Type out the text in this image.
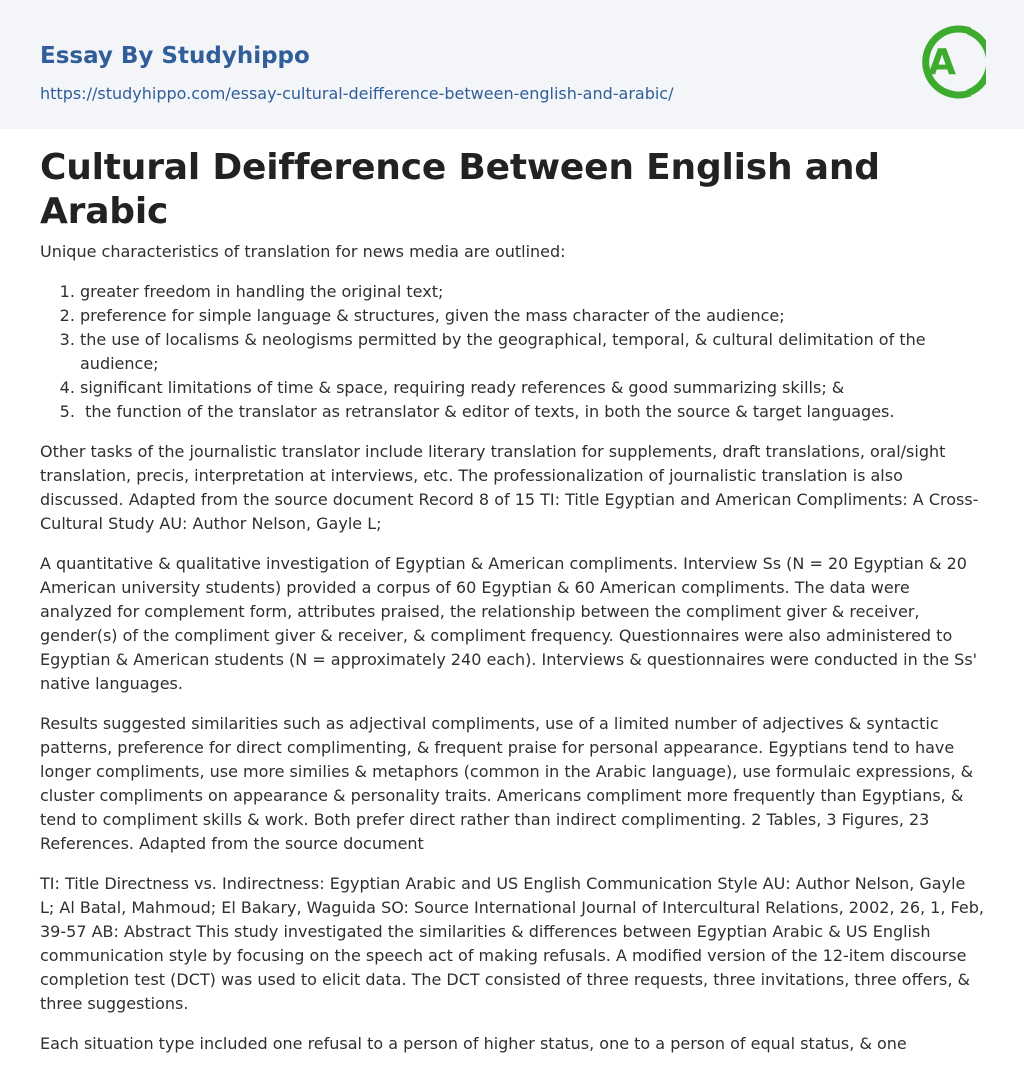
Essay By Studyhippo
https://studyhippo.com/essay-cultural-deifference-between-english-and-arabic/
A
Cultural Deifference Between English and Arabic

Unique characteristics of translation for news media are outlined:

1. greater freedom in handling the original text;
2. preference for simple language & structures, given the mass character of the audience;
3. the use of localisms & neologisms permitted by the geographical, temporal, & cultural delimitation of the audience;
4. significant limitations of time & space, requiring ready references & good summarizing skills; &
5.  the function of the translator as retranslator & editor of texts, in both the source & target languages.

Other tasks of the journalistic translator include literary translation for supplements, draft translations, oral/sight translation, precis, interpretation at interviews, etc. The professionalization of journalistic translation is also discussed. Adapted from the source document Record 8 of 15 TI: Title Egyptian and American Compliments: A Cross-Cultural Study AU: Author Nelson, Gayle L;

A quantitative & qualitative investigation of Egyptian & American compliments. Interview Ss (N = 20 Egyptian & 20 American university students) provided a corpus of 60 Egyptian & 60 American compliments. The data were analyzed for complement form, attributes praised, the relationship between the compliment giver & receiver, gender(s) of the compliment giver & receiver, & compliment frequency. Questionnaires were also administered to Egyptian & American students (N = approximately 240 each). Interviews & questionnaires were conducted in the Ss' native languages.

Results suggested similarities such as adjectival compliments, use of a limited number of adjectives & syntactic patterns, preference for direct complimenting, & frequent praise for personal appearance. Egyptians tend to have longer compliments, use more similies & metaphors (common in the Arabic language), use formulaic expressions, & cluster compliments on appearance & personality traits. Americans compliment more frequently than Egyptians, & tend to compliment skills & work. Both prefer direct rather than indirect complimenting. 2 Tables, 3 Figures, 23 References. Adapted from the source document

TI: Title Directness vs. Indirectness: Egyptian Arabic and US English Communication Style AU: Author Nelson, Gayle L; Al Batal, Mahmoud; El Bakary, Waguida SO: Source International Journal of Intercultural Relations, 2002, 26, 1, Feb, 39-57 AB: Abstract This study investigated the similarities & differences between Egyptian Arabic & US English communication style by focusing on the speech act of making refusals. A modified version of the 12-item discourse completion test (DCT) was used to elicit data. The DCT consisted of three requests, three invitations, three offers, & three suggestions.

Each situation type included one refusal to a person of higher status, one to a person of equal status, & one
